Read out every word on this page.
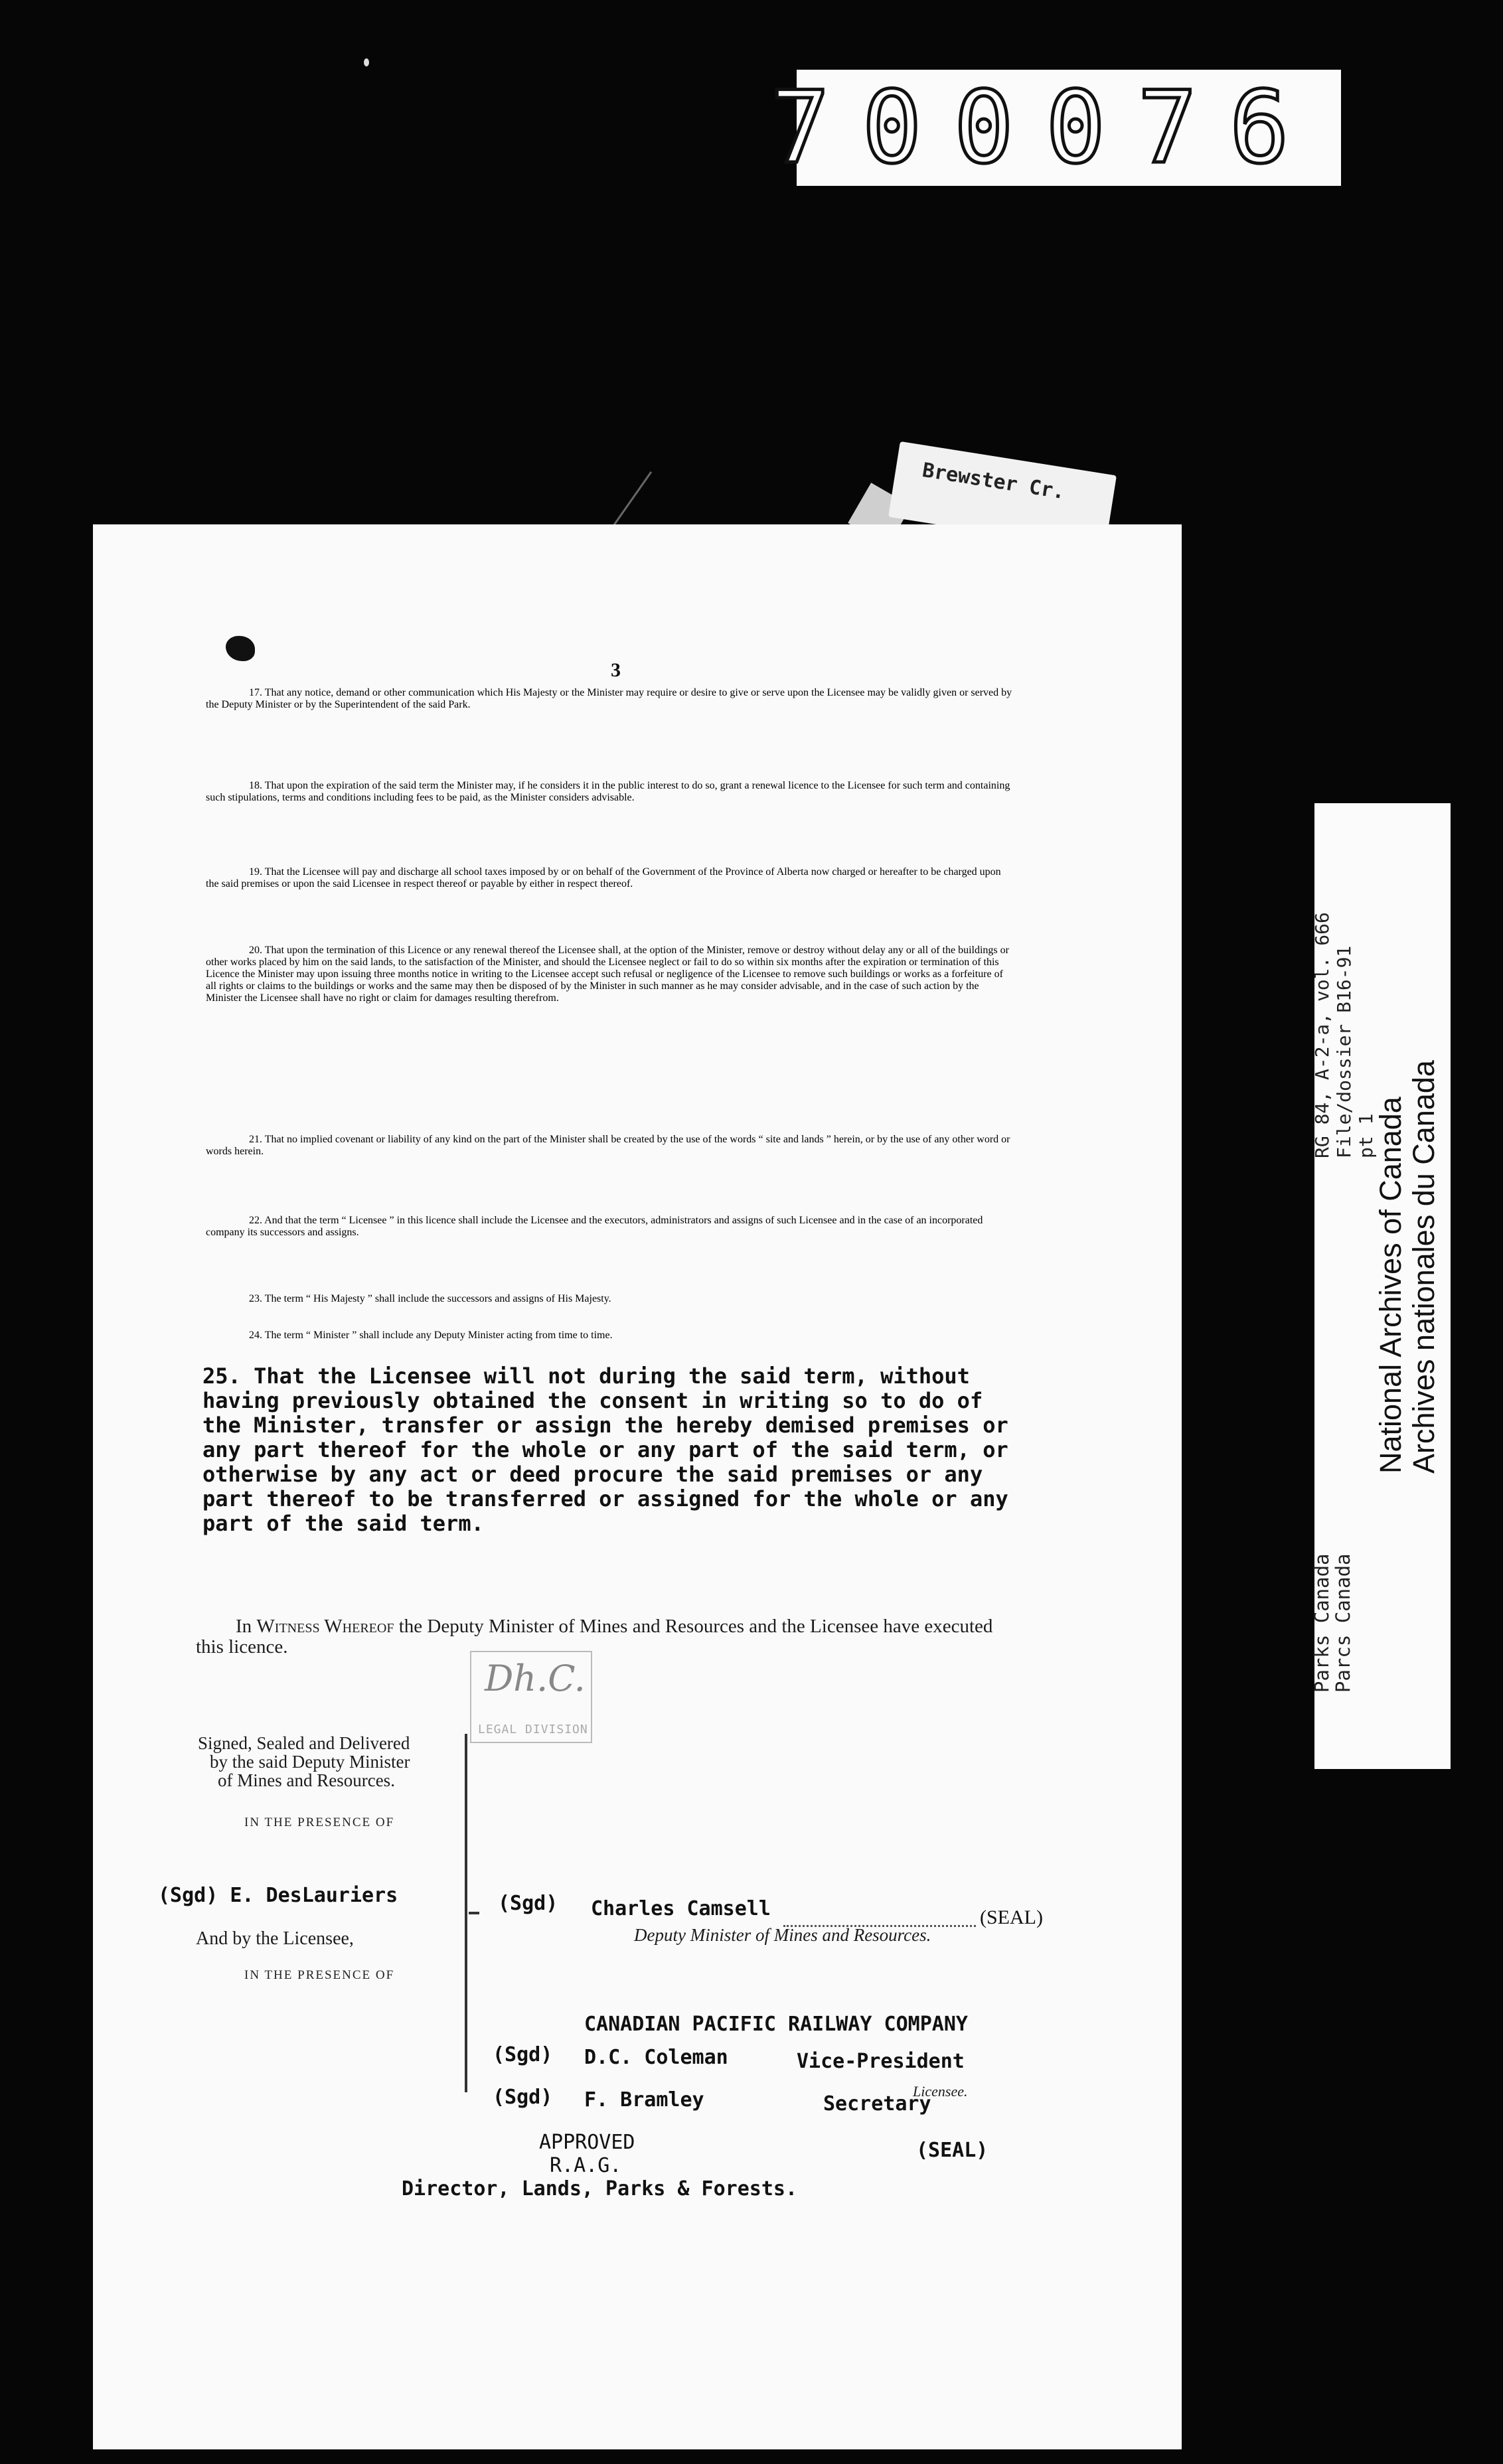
700076
Brewster Cr.
3
17. That any notice, demand or other communication which His Majesty or the Minister may require or desire to give or serve upon the Licensee may be validly given or served by the Deputy Minister or by the Superintendent of the said Park.
18. That upon the expiration of the said term the Minister may, if he considers it in the public interest to do so, grant a renewal licence to the Licensee for such term and containing such stipulations, terms and conditions including fees to be paid, as the Minister considers advisable.
19. That the Licensee will pay and discharge all school taxes imposed by or on behalf of the Government of the Province of Alberta now charged or hereafter to be charged upon the said premises or upon the said Licensee in respect thereof or payable by either in respect thereof.
20. That upon the termination of this Licence or any renewal thereof the Licensee shall, at the option of the Minister, remove or destroy without delay any or all of the buildings or other works placed by him on the said lands, to the satisfaction of the Minister, and should the Licensee neglect or fail to do so within six months after the expiration or termination of this Licence the Minister may upon issuing three months notice in writing to the Licensee accept such refusal or negligence of the Licensee to remove such buildings or works as a forfeiture of all rights or claims to the buildings or works and the same may then be disposed of by the Minister in such manner as he may consider advisable, and in the case of such action by the Minister the Licensee shall have no right or claim for damages resulting therefrom.
21. That no implied covenant or liability of any kind on the part of the Minister shall be created by the use of the words “ site and lands ” herein, or by the use of any other word or words herein.
22. And that the term “ Licensee ” in this licence shall include the Licensee and the executors, administrators and assigns of such Licensee and in the case of an incorporated company its successors and assigns.
23. The term “ His Majesty ” shall include the successors and assigns of His Majesty.
24. The term “ Minister ” shall include any Deputy Minister acting from time to time.
25. That the Licensee will not during the said term, without having previously obtained the consent in writing so to do of the Minister, transfer or assign the hereby demised premises or any part thereof for the whole or any part of the said term, or otherwise by any act or deed procure the said premises or any part thereof to be transferred or assigned for the whole or any part of the said term.
In Witness Whereof the Deputy Minister of Mines and Resources and the Licensee have executed this licence.
Dh.C.
LEGAL DIVISION
Signed, Sealed and Delivered
by the said Deputy Minister
of Mines and Resources.
IN THE PRESENCE OF
(Sgd) E. DesLauriers
And by the Licensee,
IN THE PRESENCE OF
(Sgd) Charles Camsell	(SEAL)
Deputy Minister of Mines and Resources.
CANADIAN PACIFIC RAILWAY COMPANY
(Sgd) D.C. Coleman	Vice-President
(Sgd) F. Bramley	Secretary
Licensee.
APPROVED
R.A.G.
(SEAL)
Director, Lands, Parks & Forests.
RG 84, A-2-a, vol. 666 File/dossier B16-91 pt 1
National Archives of Canada Archives nationales du Canada
Parks Canada
Parcs Canada
